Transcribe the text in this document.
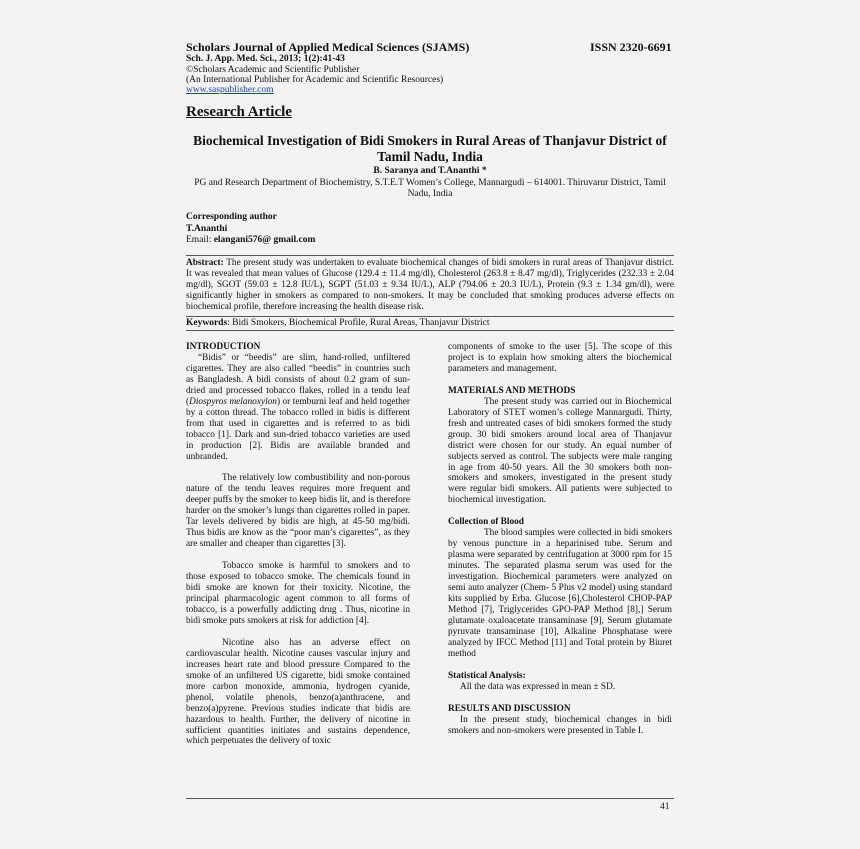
Scholars Journal of Applied Medical Sciences (SJAMS)	ISSN 2320-6691
Sch. J. App. Med. Sci., 2013; 1(2):41-43
©Scholars Academic and Scientific Publisher
(An International Publisher for Academic and Scientific Resources)
www.saspublisher.com
Research Article
Biochemical Investigation of Bidi Smokers in Rural Areas of Thanjavur District of Tamil Nadu, India
B. Saranya and T.Ananthi *
PG and Research Department of Biochemistry, S.T.E.T Women’s College, Mannargudi – 614001. Thiruvarur District, Tamil Nadu, India
Corresponding author
T.Ananthi
Email: elangani576@ gmail.com
Abstract: The present study was undertaken to evaluate biochemical changes of bidi smokers in rural areas of Thanjavur district. It was revealed that mean values of Glucose (129.4 ± 11.4 mg/dl), Cholesterol (263.8 ± 8.47 mg/dl), Triglycerides (232.33 ± 2.04 mg/dl), SGOT (59.03 ± 12.8 IU/L), SGPT (51.03 ± 9.34 IU/L), ALP (794.06 ± 20.3 IU/L), Protein (9.3 ± 1.34 gm/dl), were significantly higher in smokers as compared to non-smokers. It may be concluded that smoking produces adverse effects on biochemical profile, therefore increasing the health disease risk.
Keywords: Bidi Smokers, Biochemical Profile, Rural Areas, Thanjavur District

INTRODUCTION

“Bidis” or “beedis” are slim, hand-rolled, unfiltered cigarettes. They are also called “beedis” in countries such as Bangladesh. A bidi consists of about 0.2 gram of sun-dried and processed tobacco flakes, rolled in a tendu leaf (Diospyros melanoxylon) or temburni leaf and held together by a cotton thread. The tobacco rolled in bidis is different from that used in cigarettes and is referred to as bidi tobacco [1]. Dark and sun-dried tobacco varieties are used in production [2]. Bidis are available branded and unbranded.

The relatively low combustibility and non-porous nature of the tendu leaves requires more frequent and deeper puffs by the smoker to keep bidis lit, and is therefore harder on the smoker’s lungs than cigarettes rolled in paper. Tar levels delivered by bidis are high, at 45-50 mg/bidi. Thus bidis are know as the “poor man’s cigarettes”, as they are smaller and cheaper than cigarettes [3].

Tobacco smoke is harmful to smokers and to those exposed to tobacco smoke. The chemicals found in bidi smoke are known for their toxicity. Nicotine, the principal pharmacologic agent common to all forms of tobacco, is a powerfully addicting drug . Thus, nicotine in bidi smoke puts smokers at risk for addiction [4].

Nicotine also has an adverse effect on cardiovascular health. Nicotine causes vascular injury and increases heart rate and blood pressure Compared to the smoke of an unfiltered US cigarette, bidi smoke contained more carbon monoxide, ammonia, hydrogen cyanide, phenol, volatile phenols, benzo(a)anthracene, and benzo(a)pyrene. Previous studies indicate that bidis are hazardous to health. Further, the delivery of nicotine in sufficient quantities initiates and sustains dependence, which perpetuates the delivery of toxic

components of smoke to the user [5]. The scope of this project is to explain how smoking alters the biochemical parameters and management.

MATERIALS AND METHODS

The present study was carried out in Biochemical Laboratory of STET women’s college Mannargudi. Thirty, fresh and untreated cases of bidi smokers formed the study group. 30 bidi smokers around local area of Thanjavur district were chosen for our study. An equal number of subjects served as control. The subjects were male ranging in age from 40-50 years. All the 30 smokers both non-smokers and smokers, investigated in the present study were regular bidi smokers. All patients were subjected to biochemical investigation.

Collection of Blood

The blood samples were collected in bidi smokers by venous puncture in a heparinised tube. Serum and plasma were separated by centrifugation at 3000 rpm for 15 minutes. The separated plasma serum was used for the investigation. Biochemical parameters were analyzed on semi auto analyzer (Chem- 5 Plus v2 model) using standard kits supplied by Erba. Glucose [6],Cholesterol CHOP-PAP Method [7], Triglycerides GPO-PAP Method [8],] Serum glutamate oxaloacetate transaminase [9], Serum glutamate pyruvate transaminase [10], Alkaline Phosphatase were analyzed by IFCC Method [11] and Total protein by Biuret method

Statistical Analysis:

All the data was expressed in mean ± SD.

RESULTS AND DISCUSSION

In the present study, biochemical changes in bidi smokers and non-smokers were presented in Table I.

41
